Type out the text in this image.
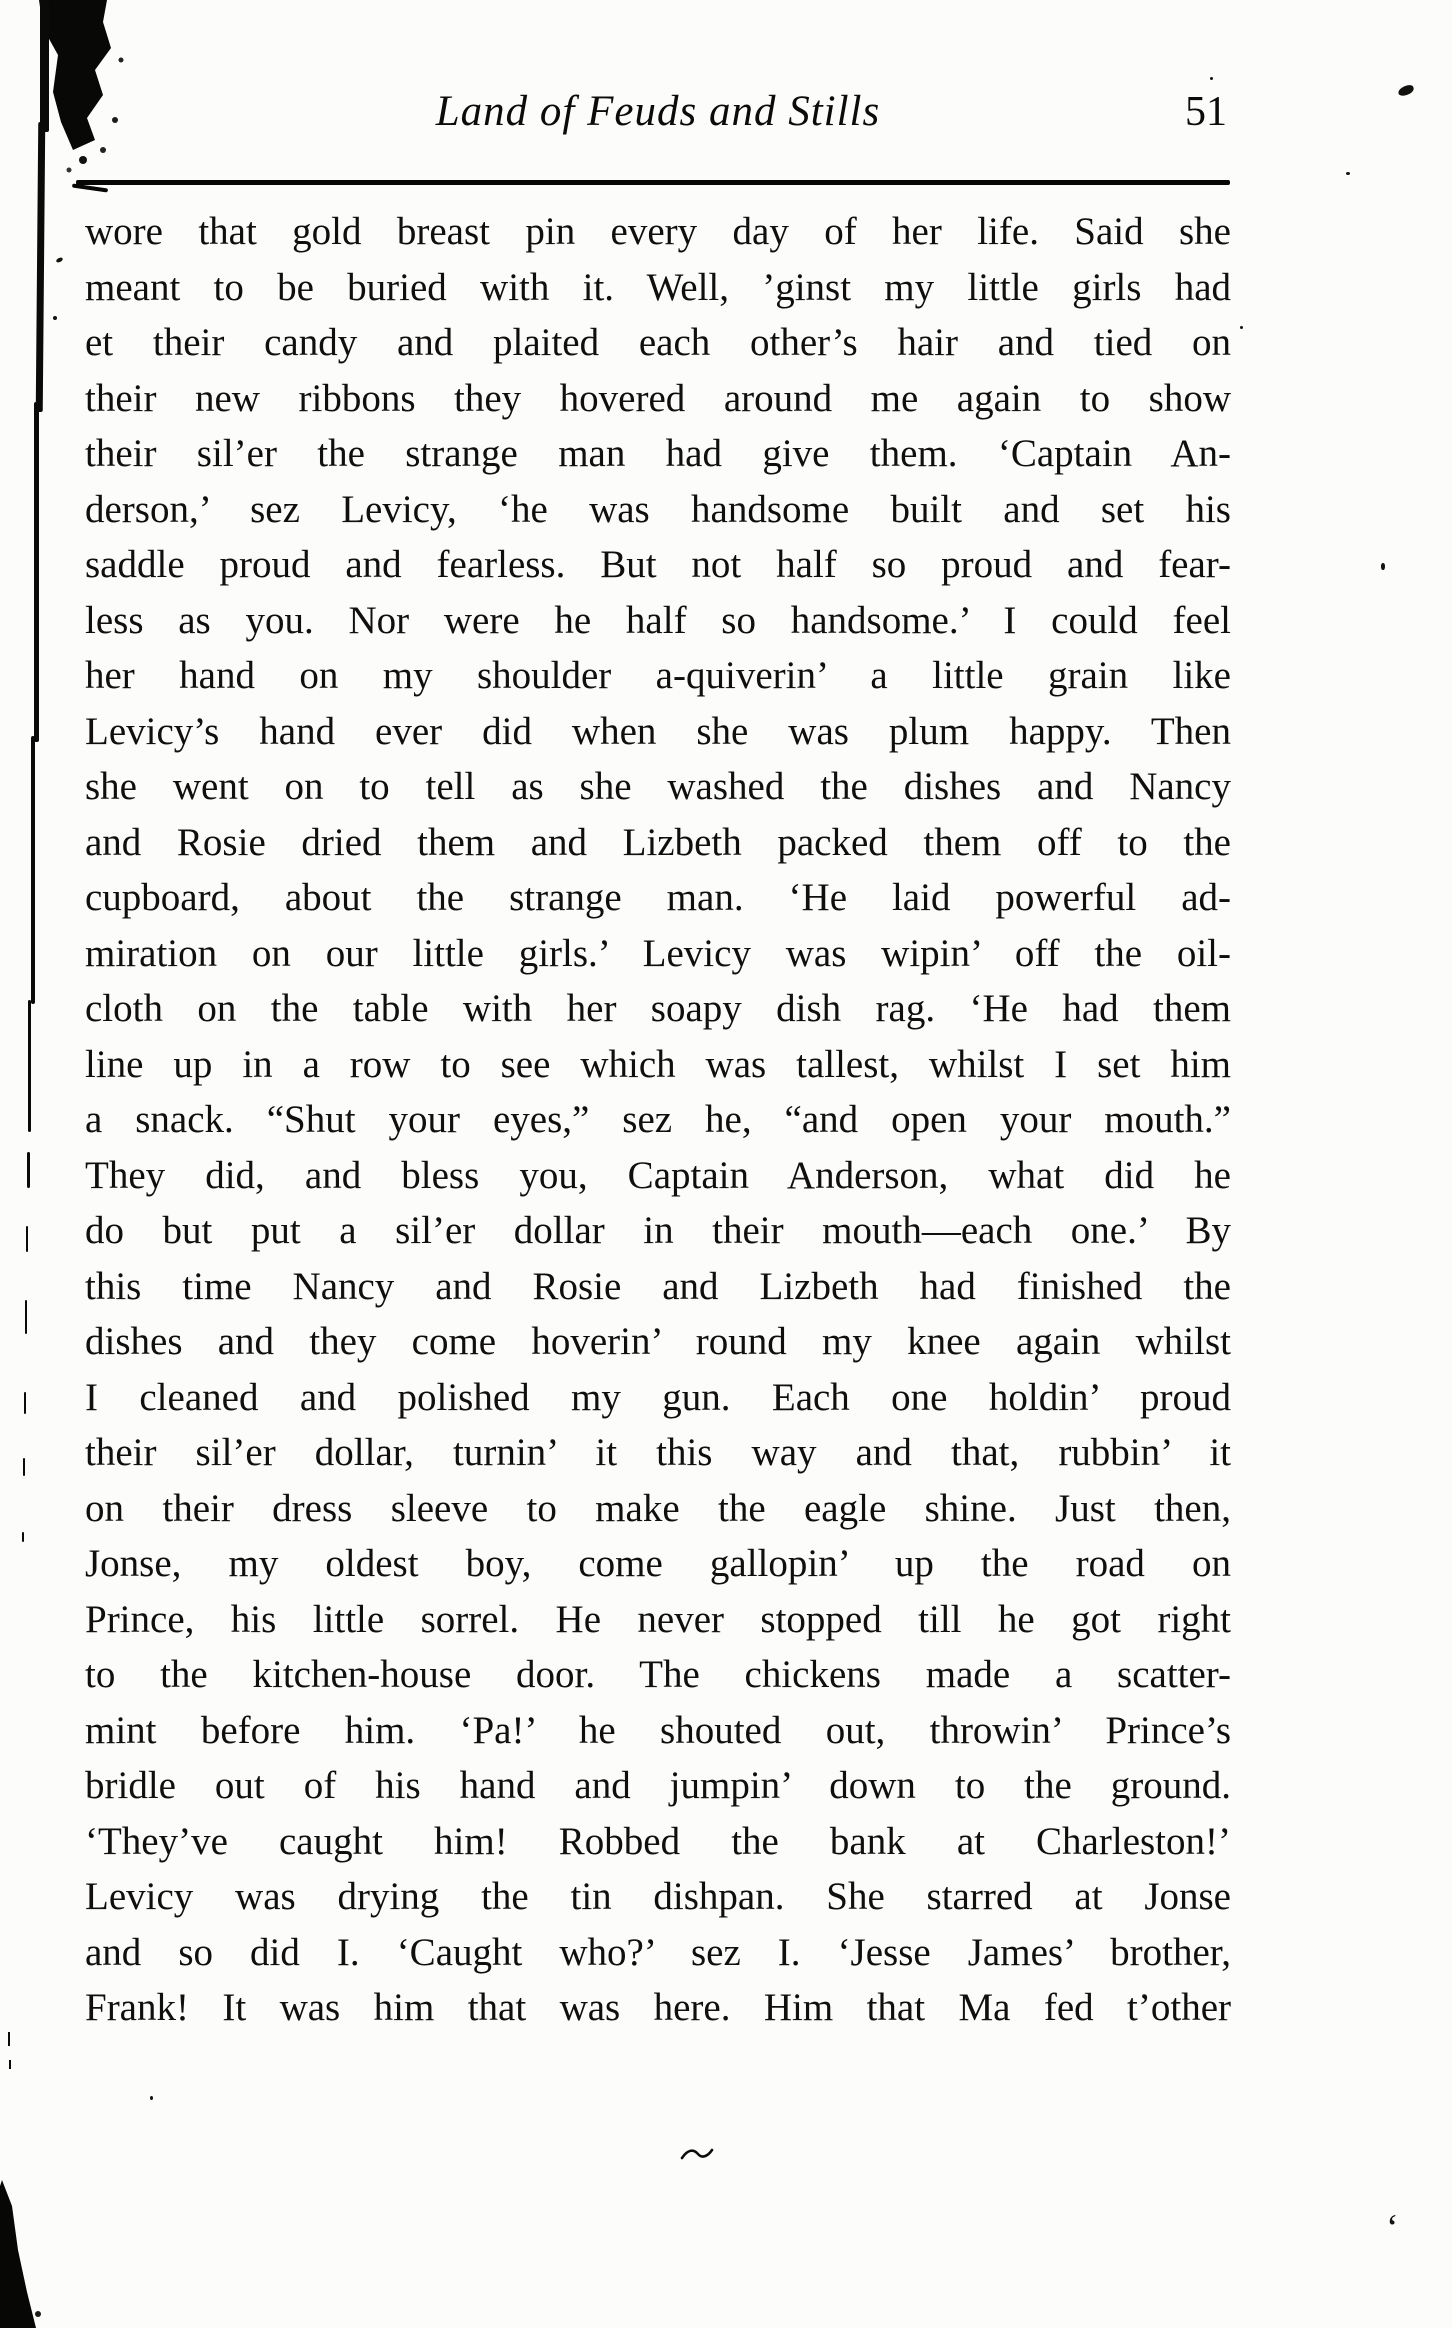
Land of Feuds and Stills	51
wore that gold breast pin every day of her life. Said she
meant to be buried with it. Well, ’ginst my little girls had
et their candy and plaited each other’s hair and tied on
their new ribbons they hovered around me again to show
their sil’er the strange man had give them. ‘Captain An-
derson,’ sez Levicy, ‘he was handsome built and set his
saddle proud and fearless. But not half so proud and fear-
less as you. Nor were he half so handsome.’ I could feel
her hand on my shoulder a-quiverin’ a little grain like
Levicy’s hand ever did when she was plum happy. Then
she went on to tell as she washed the dishes and Nancy
and Rosie dried them and Lizbeth packed them off to the
cupboard, about the strange man. ‘He laid powerful ad-
miration on our little girls.’ Levicy was wipin’ off the oil-
cloth on the table with her soapy dish rag. ‘He had them
line up in a row to see which was tallest, whilst I set him
a snack. “Shut your eyes,” sez he, “and open your mouth.”
They did, and bless you, Captain Anderson, what did he
do but put a sil’er dollar in their mouth—each one.’ By
this time Nancy and Rosie and Lizbeth had finished the
dishes and they come hoverin’ round my knee again whilst
I cleaned and polished my gun. Each one holdin’ proud
their sil’er dollar, turnin’ it this way and that, rubbin’ it
on their dress sleeve to make the eagle shine. Just then,
Jonse, my oldest boy, come gallopin’ up the road on
Prince, his little sorrel. He never stopped till he got right
to the kitchen-house door. The chickens made a scatter-
mint before him. ‘Pa!’ he shouted out, throwin’ Prince’s
bridle out of his hand and jumpin’ down to the ground.
‘They’ve caught him! Robbed the bank at Charleston!’
Levicy was drying the tin dishpan. She starred at Jonse
and so did I. ‘Caught who?’ sez I. ‘Jesse James’ brother,
Frank! It was him that was here. Him that Ma fed t’other
‘
